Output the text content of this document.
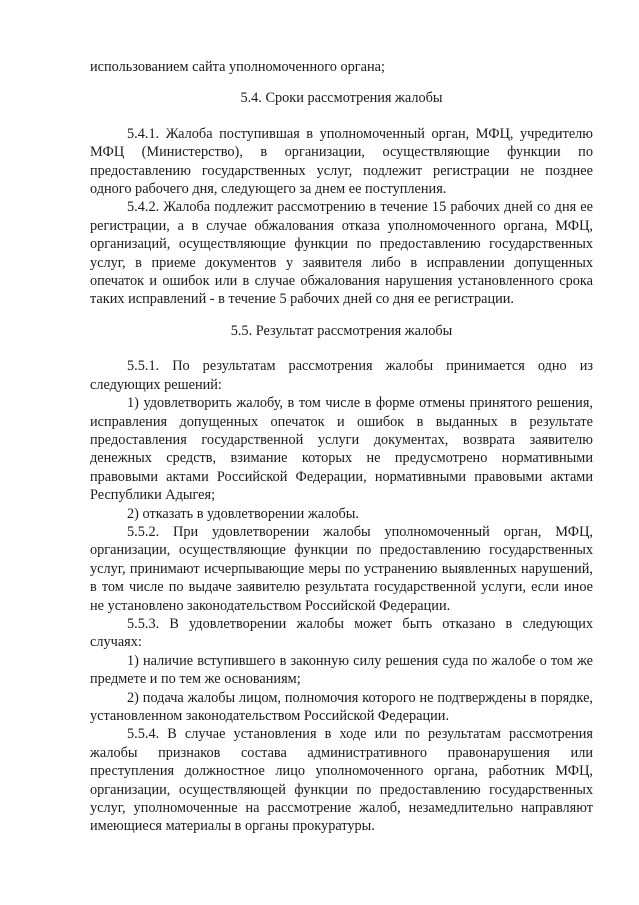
использованием сайта уполномоченного органа;

5.4. Сроки рассмотрения жалобы

5.4.1. Жалоба поступившая в уполномоченный орган, МФЦ, учредителю МФЦ (Министерство), в организации, осуществляющие функции по предоставлению государственных услуг, подлежит регистрации не позднее одного рабочего дня, следующего за днем ее поступления.

5.4.2. Жалоба подлежит рассмотрению в течение 15 рабочих дней со дня ее регистрации, а в случае обжалования отказа уполномоченного органа, МФЦ, организаций, осуществляющие функции по предоставлению государственных услуг, в приеме документов у заявителя либо в исправлении допущенных опечаток и ошибок или в случае обжалования нарушения установленного срока таких исправлений - в течение 5 рабочих дней со дня ее регистрации.

5.5. Результат рассмотрения жалобы

5.5.1. По результатам рассмотрения жалобы принимается одно из следующих решений:

1) удовлетворить жалобу, в том числе в форме отмены принятого решения, исправления допущенных опечаток и ошибок в выданных в результате предоставления государственной услуги документах, возврата заявителю денежных средств, взимание которых не предусмотрено нормативными правовыми актами Российской Федерации, нормативными правовыми актами Республики Адыгея;

2) отказать в удовлетворении жалобы.

5.5.2. При удовлетворении жалобы уполномоченный орган, МФЦ, организации, осуществляющие функции по предоставлению государственных услуг, принимают исчерпывающие меры по устранению выявленных нарушений, в том числе по выдаче заявителю результата государственной услуги, если иное не установлено законодательством Российской Федерации.

5.5.3. В удовлетворении жалобы может быть отказано в следующих случаях:

1) наличие вступившего в законную силу решения суда по жалобе о том же предмете и по тем же основаниям;

2) подача жалобы лицом, полномочия которого не подтверждены в порядке, установленном законодательством Российской Федерации.

5.5.4. В случае установления в ходе или по результатам рассмотрения жалобы признаков состава административного правонарушения или преступления должностное лицо уполномоченного органа, работник МФЦ, организации, осуществляющей функции по предоставлению государственных услуг, уполномоченные на рассмотрение жалоб, незамедлительно направляют имеющиеся материалы в органы прокуратуры.
